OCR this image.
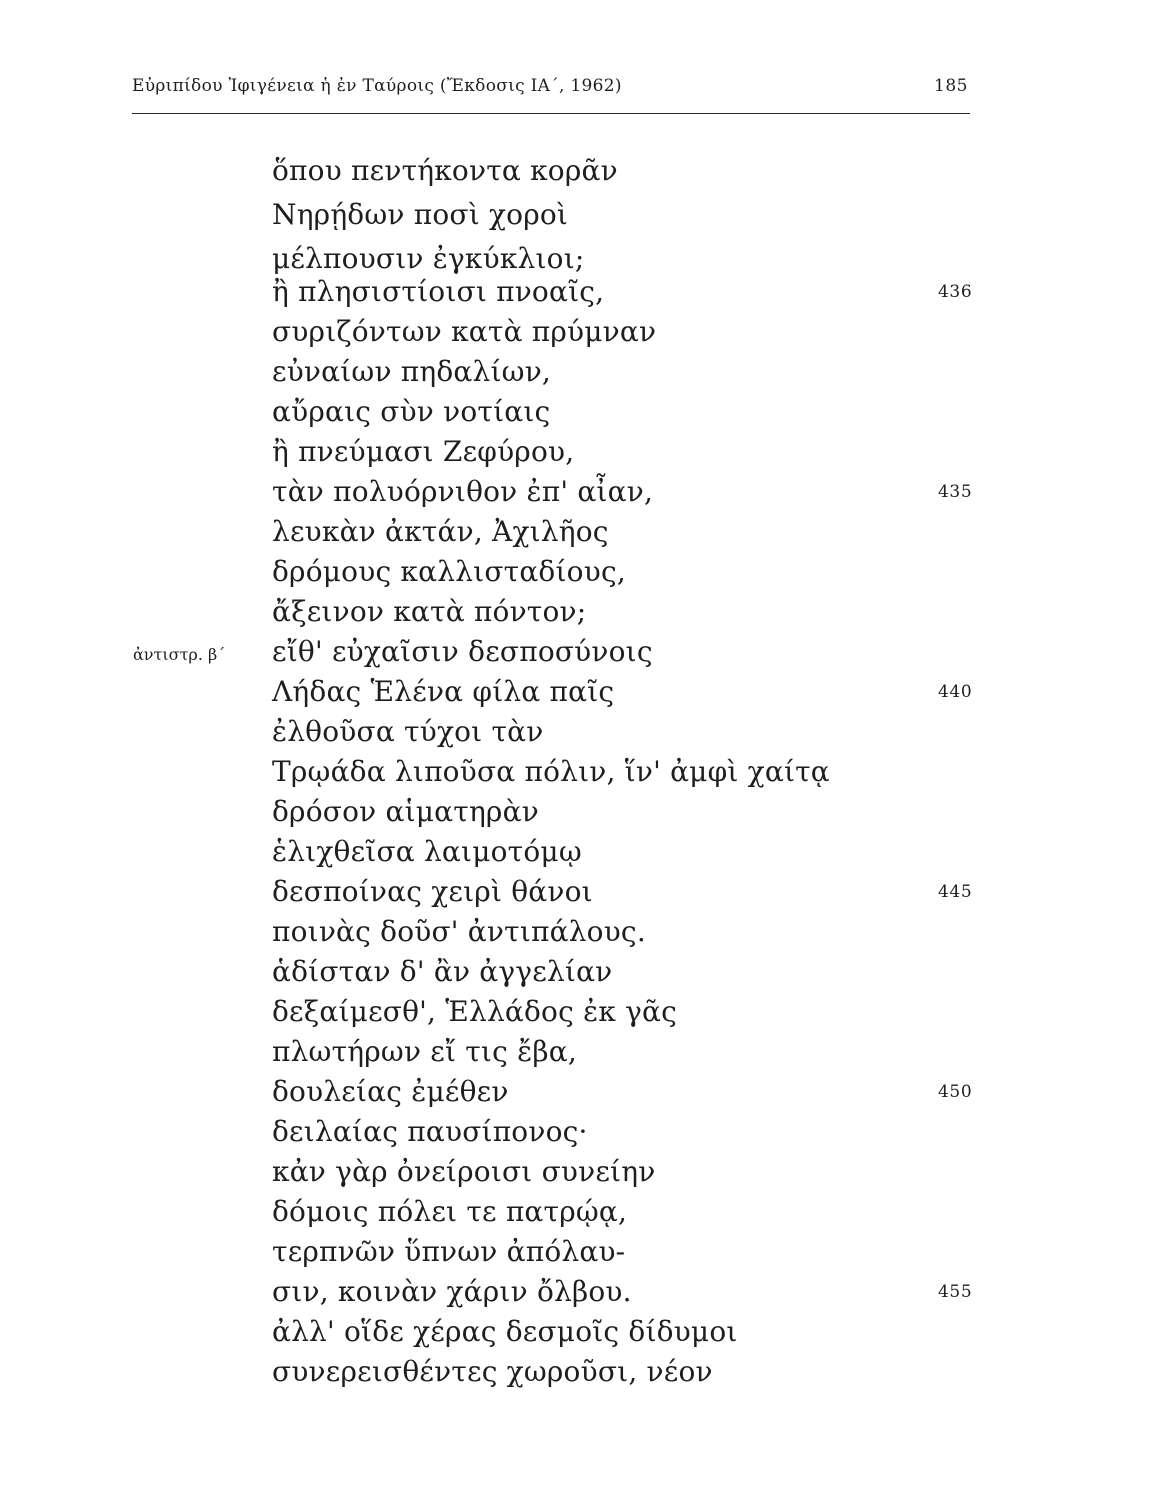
Εὐριπίδου Ἰφιγένεια ἡ ἐν Ταύροις (Ἔκδοσις ΙΑ΄, 1962)	185
ὅπου πεντήκοντα κορᾶν
Νηρῄδων ποσὶ χοροὶ
μέλπουσιν ἐγκύκλιοι;
ἢ πλησιστίοισι πνοαῖς,
συριζόντων κατὰ πρύμναν
εὐναίων πηδαλίων,
αὔραις σὺν νοτίαις
ἢ πνεύμασι Ζεφύρου,
τὰν πολυόρνιθον ἐπ' αἶαν,
λευκὰν ἀκτάν, Ἀχιλῆος
δρόμους καλλισταδίους,
ἄξεινον κατὰ πόντον;
εἴθ' εὐχαῖσιν δεσποσύνοις
Λήδας Ἑλένα φίλα παῖς
ἐλθοῦσα τύχοι τὰν
Τρῳάδα λιποῦσα πόλιν, ἵν' ἀμφὶ χαίτᾳ
δρόσον αἱματηρὰν
ἑλιχθεῖσα λαιμοτόμῳ
δεσποίνας χειρὶ θάνοι
ποινὰς δοῦσ' ἀντιπάλους.
ἁδίσταν δ' ἂν ἀγγελίαν
δεξαίμεσθ', Ἑλλάδος ἐκ γᾶς
πλωτήρων εἴ τις ἔβα,
δουλείας ἐμέθεν
δειλαίας παυσίπονος·
κἀν γὰρ ὀνείροισι συνείην
δόμοις πόλει τε πατρῴᾳ,
τερπνῶν ὕπνων ἀπόλαυ-
σιν, κοινὰν χάριν ὄλβου.
ἀλλ' οἵδε χέρας δεσμοῖς δίδυμοι
συνερεισθέντες χωροῦσι, νέον
436
435
440
445
450
455
ἀντιστρ. β΄
